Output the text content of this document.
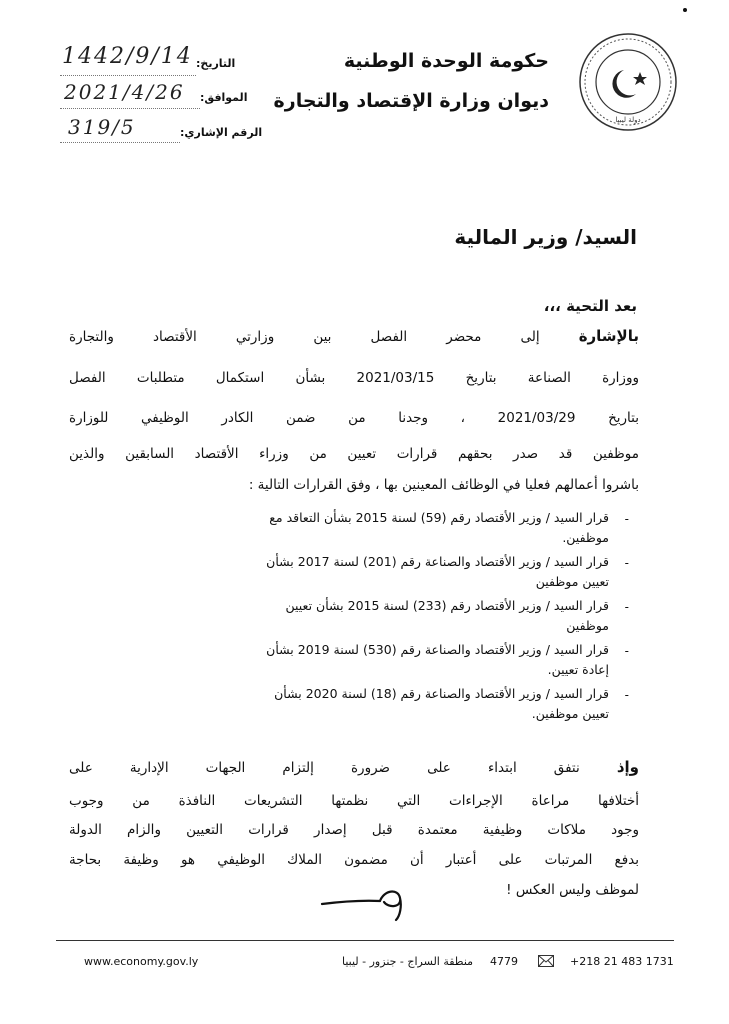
دولة ليبيا
حكومة الوحدة الوطنية
ديوان وزارة الإقتصاد والتجارة
التاريخ:
1442/9/14
الموافق:
2021/4/26
الرقم الإشاري:
319/5
السيد/ وزير المالية
بعد التحية ،،،
بالإشارة إلى محضر الفصل بين وزارتي الأقتصاد والتجارة
ووزارة الصناعة بتاريخ 2021/03/15 بشأن استكمال متطلبات الفصل
بتاريخ 2021/03/29 ، وجدنا من ضمن الكادر الوظيفي للوزارة
موظفين قد صدر بحقهم قرارات تعيين من وزراء الأقتصاد السابقين والذين
باشروا أعمالهم فعليا في الوظائف المعينين بها ، وفق القرارات التالية :
-
قرار السيد / وزير الأقتصاد رقم (59) لسنة 2015 بشأن التعاقد مع
موظفين.
-
قرار السيد / وزير الأقتصاد والصناعة رقم (201) لسنة 2017 بشأن
تعيين موظفين
-
قرار السيد / وزير الأقتصاد رقم (233) لسنة 2015 بشأن تعيين
موظفين
-
قرار السيد / وزير الأقتصاد والصناعة رقم (530) لسنة 2019 بشأن
إعادة تعيين.
-
قرار السيد / وزير الأقتصاد والصناعة رقم (18) لسنة 2020 بشأن
تعيين موظفين.
وإذ نتفق ابتداء على ضرورة إلتزام الجهات الإدارية على
أختلافها مراعاة الإجراءات التي نظمتها التشريعات النافذة من وجوب
وجود ملاكات وظيفية معتمدة قبل إصدار قرارات التعيين والزام الدولة
بدفع المرتبات على أعتبار أن مضمون الملاك الوظيفي هو وظيفة بحاجة
لموظف وليس العكس !
٩
www.economy.gov.ly	منطقة السراج - جنزور - ليبيا 4779	+218 21 483 1731
